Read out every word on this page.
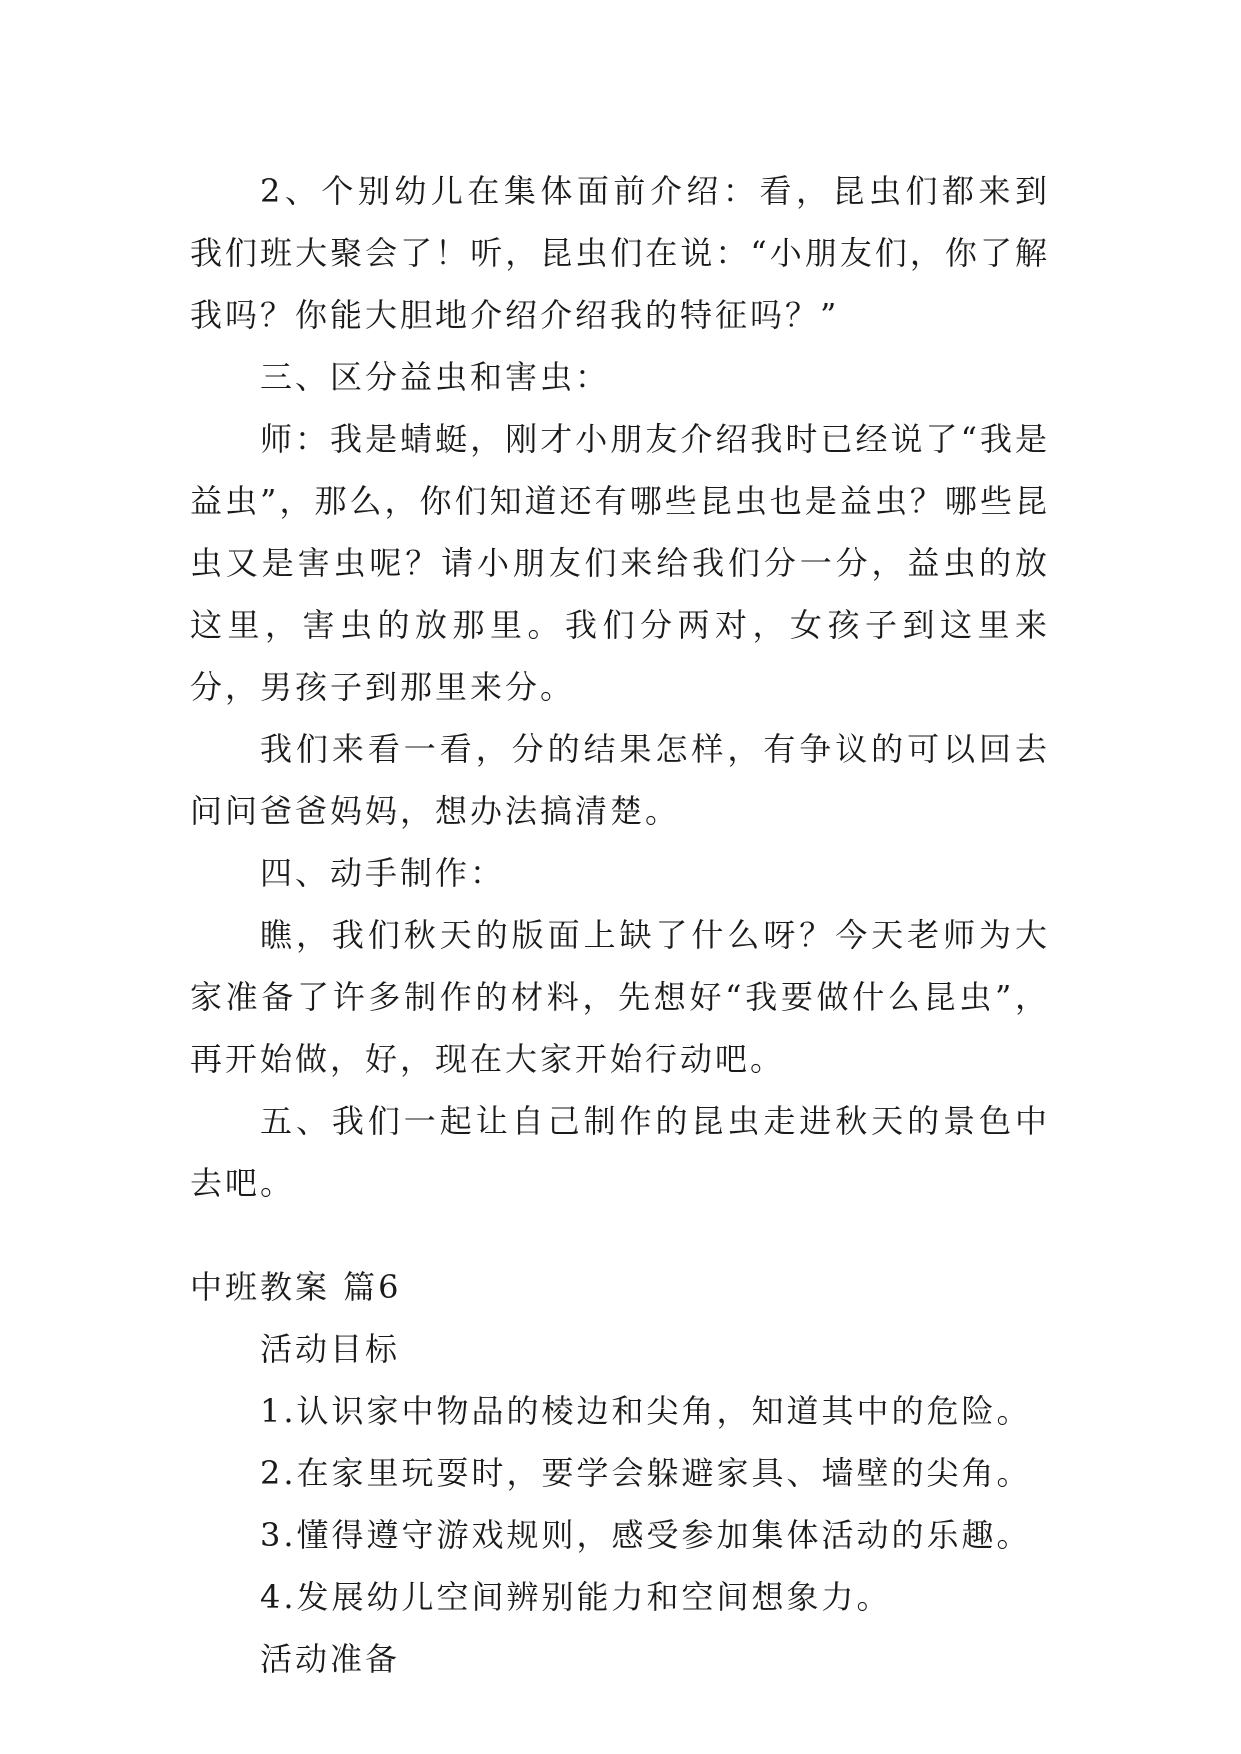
2、个别幼儿在集体面前介绍：看，昆虫们都来到我们班大聚会了！听，昆虫们在说：“小朋友们，你了解我吗？你能大胆地介绍介绍我的特征吗？”

三、区分益虫和害虫：

师：我是蜻蜓，刚才小朋友介绍我时已经说了“我是益虫”，那么，你们知道还有哪些昆虫也是益虫？哪些昆虫又是害虫呢？请小朋友们来给我们分一分，益虫的放这里，害虫的放那里。我们分两对，女孩子到这里来分，男孩子到那里来分。

我们来看一看，分的结果怎样，有争议的可以回去问问爸爸妈妈，想办法搞清楚。

四、动手制作：

瞧，我们秋天的版面上缺了什么呀？今天老师为大家准备了许多制作的材料，先想好“我要做什么昆虫”，再开始做，好，现在大家开始行动吧。

五、我们一起让自己制作的昆虫走进秋天的景色中去吧。

中班教案 篇6

活动目标

1.认识家中物品的棱边和尖角，知道其中的危险。

2.在家里玩耍时，要学会躲避家具、墙壁的尖角。

3.懂得遵守游戏规则，感受参加集体活动的乐趣。

4.发展幼儿空间辨别能力和空间想象力。

活动准备
